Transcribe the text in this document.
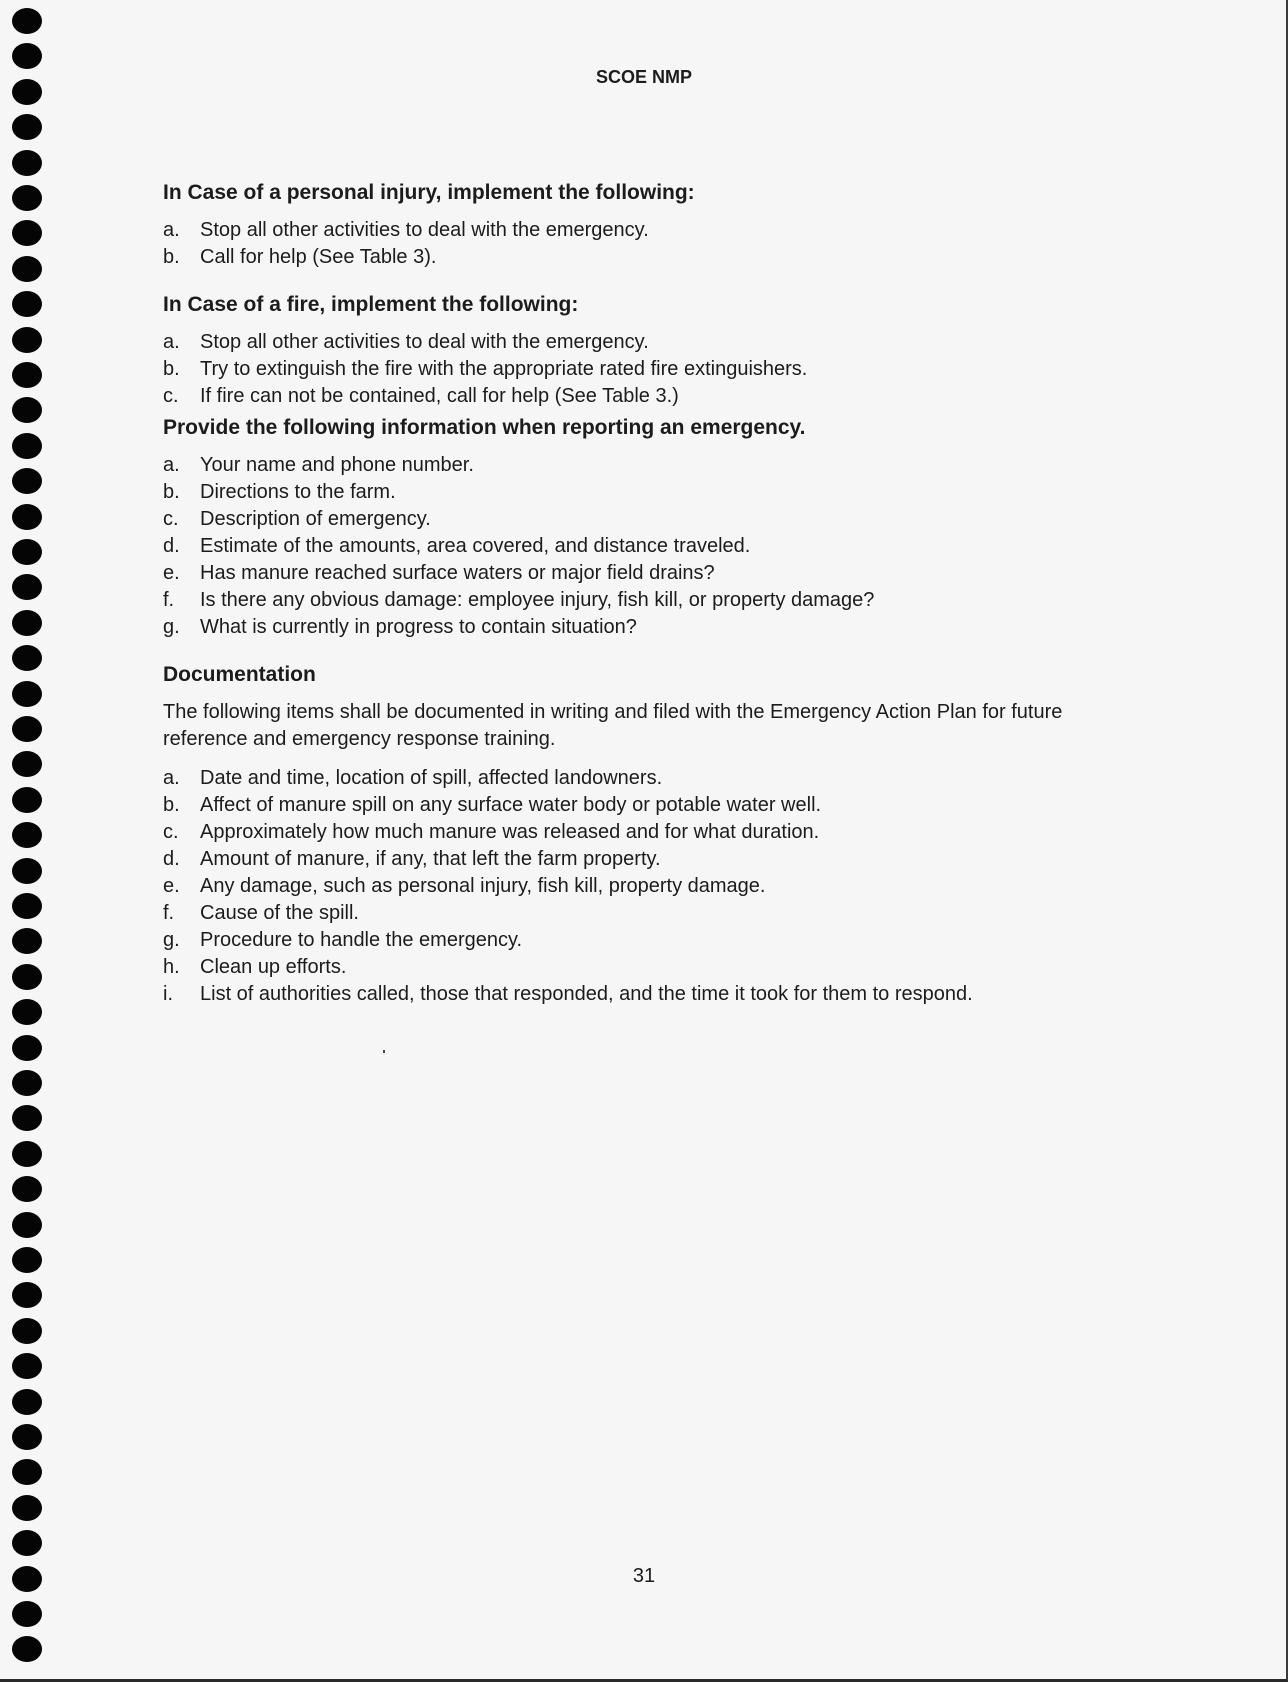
SCOE NMP
In Case of a personal injury, implement the following:
a.	Stop all other activities to deal with the emergency.
b.	Call for help (See Table 3).
In Case of a fire, implement the following:
a.	Stop all other activities to deal with the emergency.
b.	Try to extinguish the fire with the appropriate rated fire extinguishers.
c.	If fire can not be contained, call for help (See Table 3.)
Provide the following information when reporting an emergency.
a.	Your name and phone number.
b.	Directions to the farm.
c.	Description of emergency.
d.	Estimate of the amounts, area covered, and distance traveled.
e.	Has manure reached surface waters or major field drains?
f.	Is there any obvious damage: employee injury, fish kill, or property damage?
g.	What is currently in progress to contain situation?
Documentation
The following items shall be documented in writing and filed with the Emergency Action Plan for future reference and emergency response training.
a.	Date and time, location of spill, affected landowners.
b.	Affect of manure spill on any surface water body or potable water well.
c.	Approximately how much manure was released and for what duration.
d.	Amount of manure, if any, that left the farm property.
e.	Any damage, such as personal injury, fish kill, property damage.
f.	Cause of the spill.
g.	Procedure to handle the emergency.
h.	Clean up efforts.
i.	List of authorities called, those that responded, and the time it took for them to respond.
31
